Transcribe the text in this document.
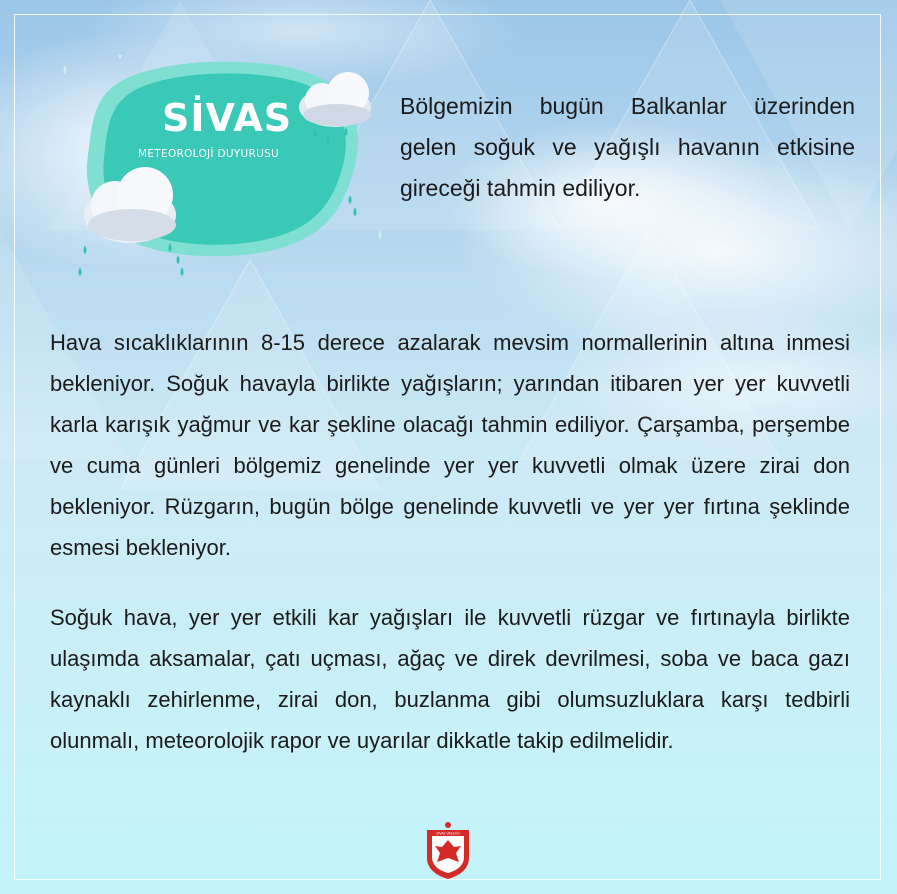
SİVAS
METEOROLOJİ DUYURUSU

Bölgemizin bugün Balkanlar üzerinden gelen soğuk ve yağışlı havanın etkisine gireceği tahmin ediliyor.

Hava sıcaklıklarının 8-15 derece azalarak mevsim normallerinin altına inmesi bekleniyor. Soğuk havayla birlikte yağışların; yarından itibaren yer yer kuvvetli karla karışık yağmur ve kar şekline olacağı tahmin ediliyor. Çarşamba, perşembe ve cuma günleri bölgemiz genelinde yer yer kuvvetli olmak üzere zirai don bekleniyor. Rüzgarın, bugün bölge genelinde kuvvetli ve yer yer fırtına şeklinde esmesi bekleniyor.

Soğuk hava, yer yer etkili kar yağışları ile kuvvetli rüzgar ve fırtınayla birlikte ulaşımda aksamalar, çatı uçması, ağaç ve direk devrilmesi, soba ve baca gazı kaynaklı zehirlenme, zirai don, buzlanma gibi olumsuzluklara karşı tedbirli olunmalı, meteorolojik rapor ve uyarılar dikkatle takip edilmelidir.

SİVAS VALİLİĞİ
